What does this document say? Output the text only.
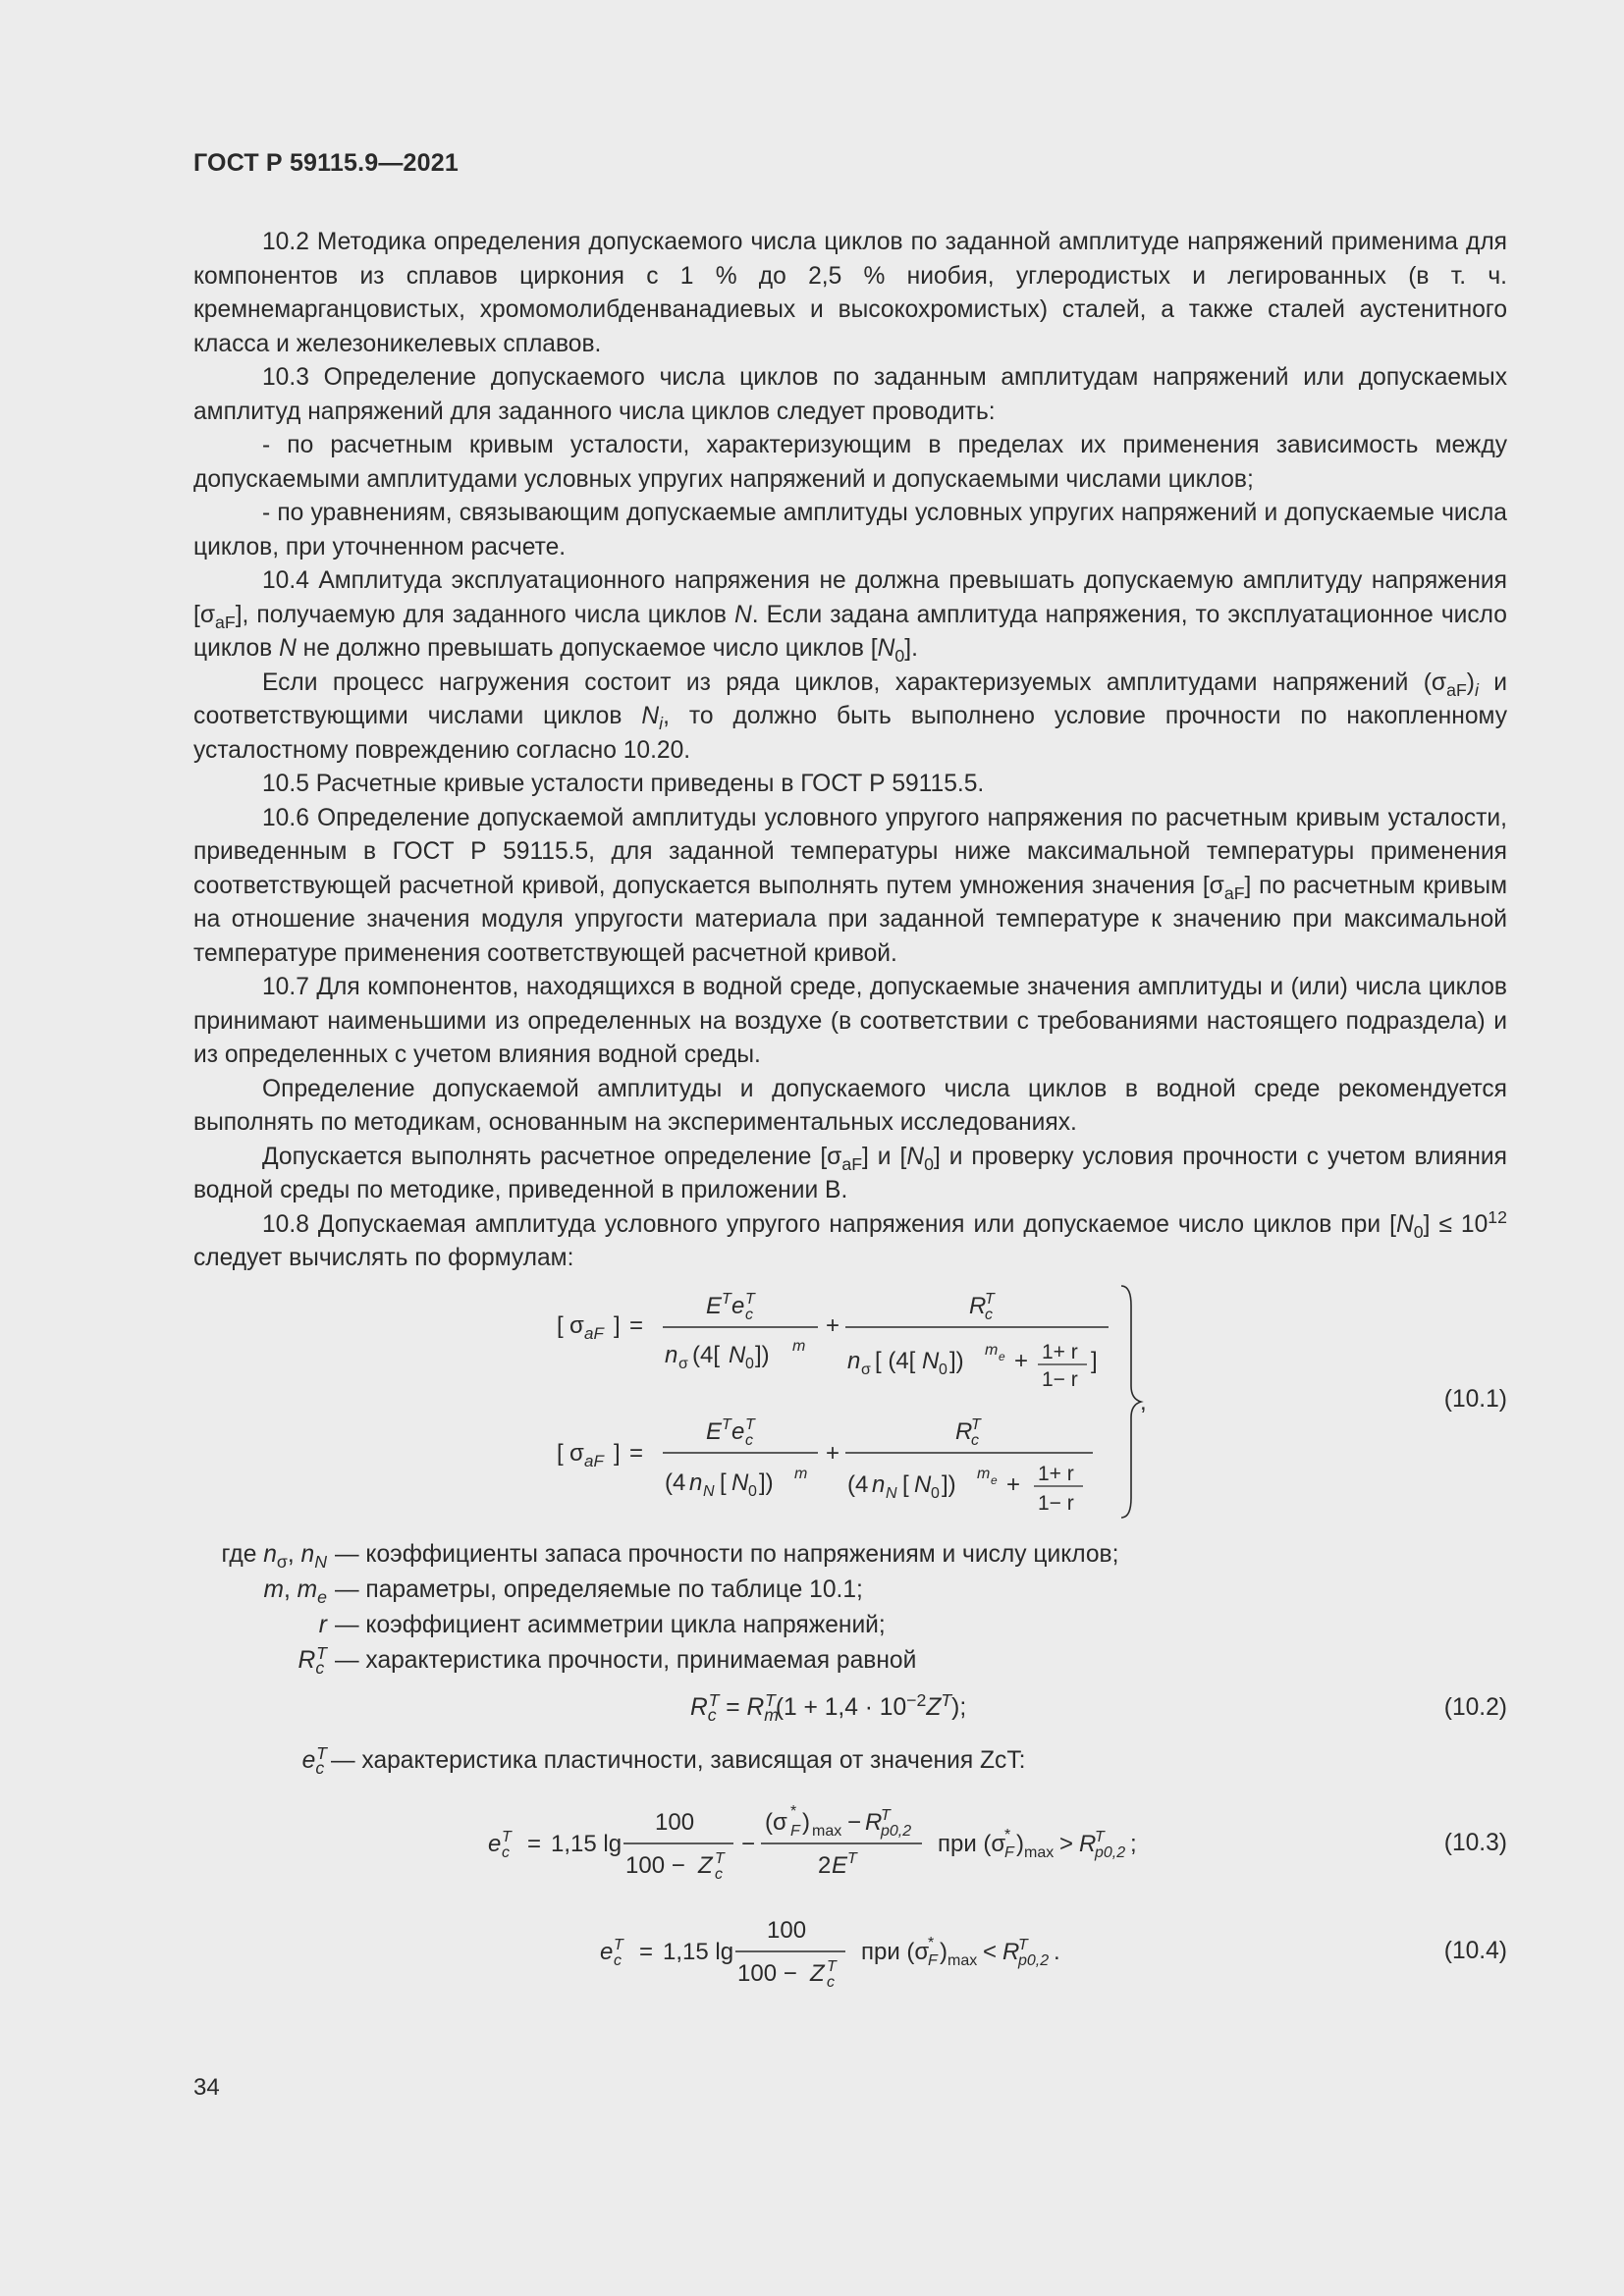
ГОСТ Р 59115.9—2021

10.2 Методика определения допускаемого числа циклов по заданной амплитуде напряжений применима для компонентов из сплавов циркония с 1 % до 2,5 % ниобия, углеродистых и легированных (в т. ч. кремнемарганцовистых, хромомолибденванадиевых и высокохромистых) сталей, а также сталей аустенитного класса и железоникелевых сплавов.

10.3 Определение допускаемого числа циклов по заданным амплитудам напряжений или допускаемых амплитуд напряжений для заданного числа циклов следует проводить:

- по расчетным кривым усталости, характеризующим в пределах их применения зависимость между допускаемыми амплитудами условных упругих напряжений и допускаемыми числами циклов;

- по уравнениям, связывающим допускаемые амплитуды условных упругих напряжений и допускаемые числа циклов, при уточненном расчете.

10.4 Амплитуда эксплуатационного напряжения не должна превышать допускаемую амплитуду напряжения $[\sigma_{aF}]$, получаемую для заданного числа циклов N. Если задана амплитуда напряжения, то эксплуатационное число циклов N не должно превышать допускаемое число циклов $[N_0]$.

Если процесс нагружения состоит из ряда циклов, характеризуемых амплитудами напряжений $(\sigma_{aF})_i$ и соответствующими числами циклов $N_i$, то должно быть выполнено условие прочности по накопленному усталостному повреждению согласно 10.20.

10.5 Расчетные кривые усталости приведены в ГОСТ Р 59115.5.

10.6 Определение допускаемой амплитуды условного упругого напряжения по расчетным кривым усталости, приведенным в ГОСТ Р 59115.5, для заданной температуры ниже максимальной температуры применения соответствующей расчетной кривой, допускается выполнять путем умножения значения $[\sigma_{aF}]$ по расчетным кривым на отношение значения модуля упругости материала при заданной температуре к значению при максимальной температуре применения соответствующей расчетной кривой.

10.7 Для компонентов, находящихся в водной среде, допускаемые значения амплитуды и (или) числа циклов принимают наименьшими из определенных на воздухе (в соответствии с требованиями настоящего подраздела) и из определенных с учетом влияния водной среды.

Определение допускаемой амплитуды и допускаемого числа циклов в водной среде рекомендуется выполнять по методикам, основанным на экспериментальных исследованиях.

Допускается выполнять расчетное определение $[\sigma_{aF}]$ и $[N_0]$ и проверку условия прочности с учетом влияния водной среды по методике, приведенной в приложении В.

10.8 Допускаемая амплитуда условного упругого напряжения или допускаемое число циклов при $[N_0] \le 10^{12}$ следует вычислять по формулам:

[ σ aF ] =
E T e T
c
n σ (4[ N 0 ]) m
+
R
T
c
n σ [ (4[ N 0 ]) m e + 1+ r
1− r
]
[ σ aF ] =
E T e T
c
(4 n N [ N 0 ]) m
+
R
T
c
(4 n N [ N 0 ]) m e + 1+ r
1− r
,	(10.1)
где $n_\sigma$, $n_N$ — коэффициенты запаса прочности по напряжениям и числу циклов;
m, $m_e$ — параметры, определяемые по таблице 10.1;
r — коэффициент асимметрии цикла напряжений;
$R_c^T$ — характеристика прочности, принимаемая равной
$R_c^T = R_m^T(1 + 1,4 \cdot 10^{-2}Z^T)$;	(10.2)
$e_c^T$ — характеристика пластичности, зависящая от значения ZcT:
e T
c = 1,15 lg
100
100 − Z T
c
−
(σ F
* ) max − R
T
p0,2
2 E T
при (σ
F
* ) max > R
T
p0,2 ;	(10.3)
e T
c = 1,15 lg
100
100 − Z T
c
при (σ
F
* ) max < R
T
p0,2 .	(10.4)
34
